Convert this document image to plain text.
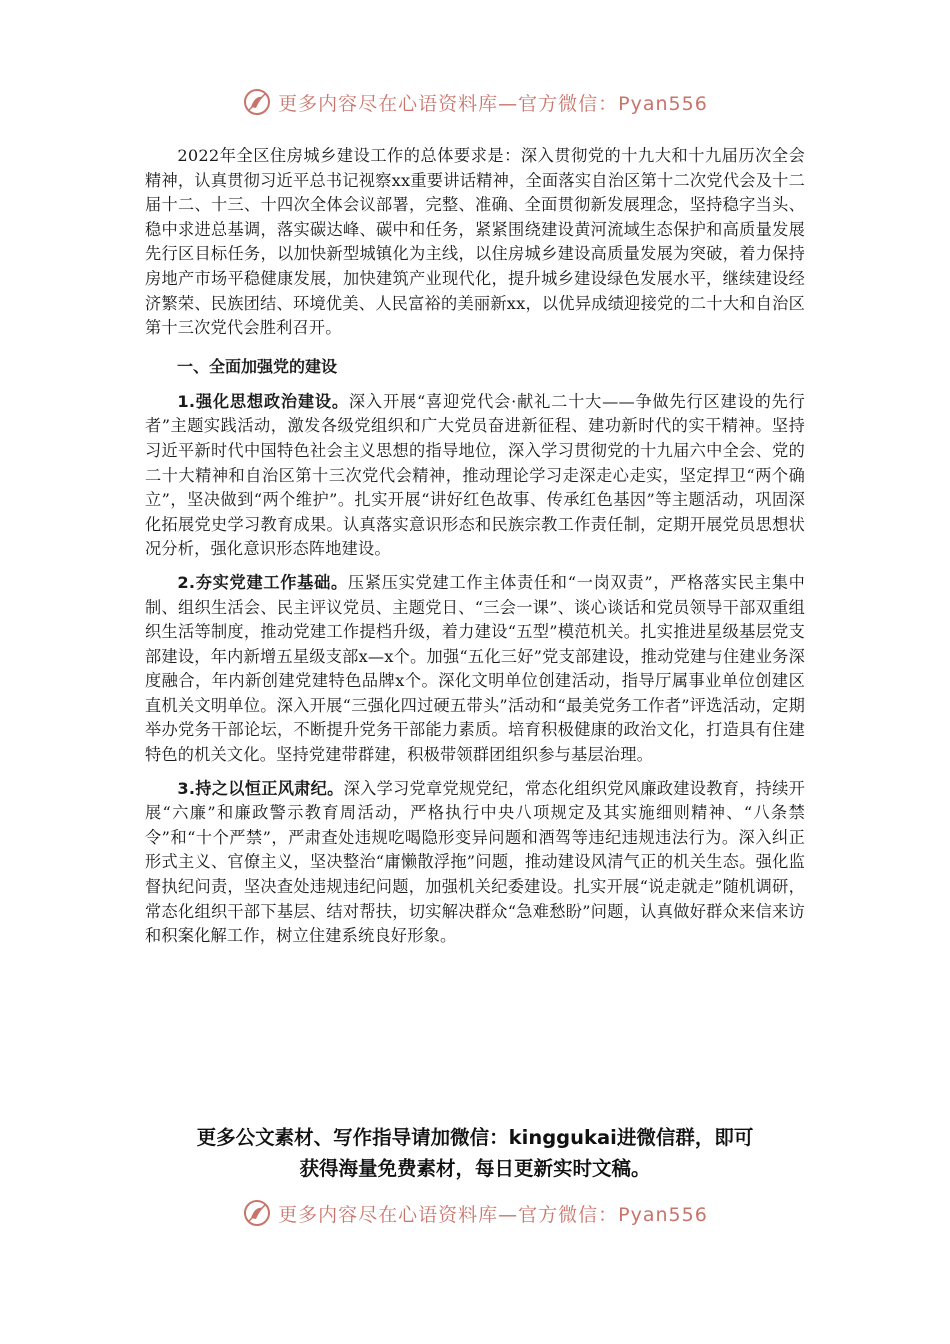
更多内容尽在心语资料库—官方微信：Pyan556

2022年全区住房城乡建设工作的总体要求是：深入贯彻党的十九大和十九届历次全会精神，认真贯彻习近平总书记视察xx重要讲话精神，全面落实自治区第十二次党代会及十二届十二、十三、十四次全体会议部署，完整、准确、全面贯彻新发展理念，坚持稳字当头、稳中求进总基调，落实碳达峰、碳中和任务，紧紧围绕建设黄河流域生态保护和高质量发展先行区目标任务，以加快新型城镇化为主线，以住房城乡建设高质量发展为突破，着力保持房地产市场平稳健康发展，加快建筑产业现代化，提升城乡建设绿色发展水平，继续建设经济繁荣、民族团结、环境优美、人民富裕的美丽新xx，以优异成绩迎接党的二十大和自治区第十三次党代会胜利召开。

一、全面加强党的建设

1.强化思想政治建设。深入开展“喜迎党代会·献礼二十大——争做先行区建设的先行者”主题实践活动，激发各级党组织和广大党员奋进新征程、建功新时代的实干精神。坚持习近平新时代中国特色社会主义思想的指导地位，深入学习贯彻党的十九届六中全会、党的二十大精神和自治区第十三次党代会精神，推动理论学习走深走心走实，坚定捍卫“两个确立”，坚决做到“两个维护”。扎实开展“讲好红色故事、传承红色基因”等主题活动，巩固深化拓展党史学习教育成果。认真落实意识形态和民族宗教工作责任制，定期开展党员思想状况分析，强化意识形态阵地建设。

2.夯实党建工作基础。压紧压实党建工作主体责任和“一岗双责”，严格落实民主集中制、组织生活会、民主评议党员、主题党日、“三会一课”、谈心谈话和党员领导干部双重组织生活等制度，推动党建工作提档升级，着力建设“五型”模范机关。扎实推进星级基层党支部建设，年内新增五星级支部x—x个。加强“五化三好”党支部建设，推动党建与住建业务深度融合，年内新创建党建特色品牌x个。深化文明单位创建活动，指导厅属事业单位创建区直机关文明单位。深入开展“三强化四过硬五带头”活动和“最美党务工作者”评选活动，定期举办党务干部论坛，不断提升党务干部能力素质。培育积极健康的政治文化，打造具有住建特色的机关文化。坚持党建带群建，积极带领群团组织参与基层治理。

3.持之以恒正风肃纪。深入学习党章党规党纪，常态化组织党风廉政建设教育，持续开展“六廉”和廉政警示教育周活动，严格执行中央八项规定及其实施细则精神、“八条禁令”和“十个严禁”，严肃查处违规吃喝隐形变异问题和酒驾等违纪违规违法行为。深入纠正形式主义、官僚主义，坚决整治“庸懒散浮拖”问题，推动建设风清气正的机关生态。强化监督执纪问责，坚决查处违规违纪问题，加强机关纪委建设。扎实开展“说走就走”随机调研，常态化组织干部下基层、结对帮扶，切实解决群众“急难愁盼”问题，认真做好群众来信来访和积案化解工作，树立住建系统良好形象。

更多公文素材、写作指导请加微信：kinggukai进微信群，即可
获得海量免费素材，每日更新实时文稿。
更多内容尽在心语资料库—官方微信：Pyan556
